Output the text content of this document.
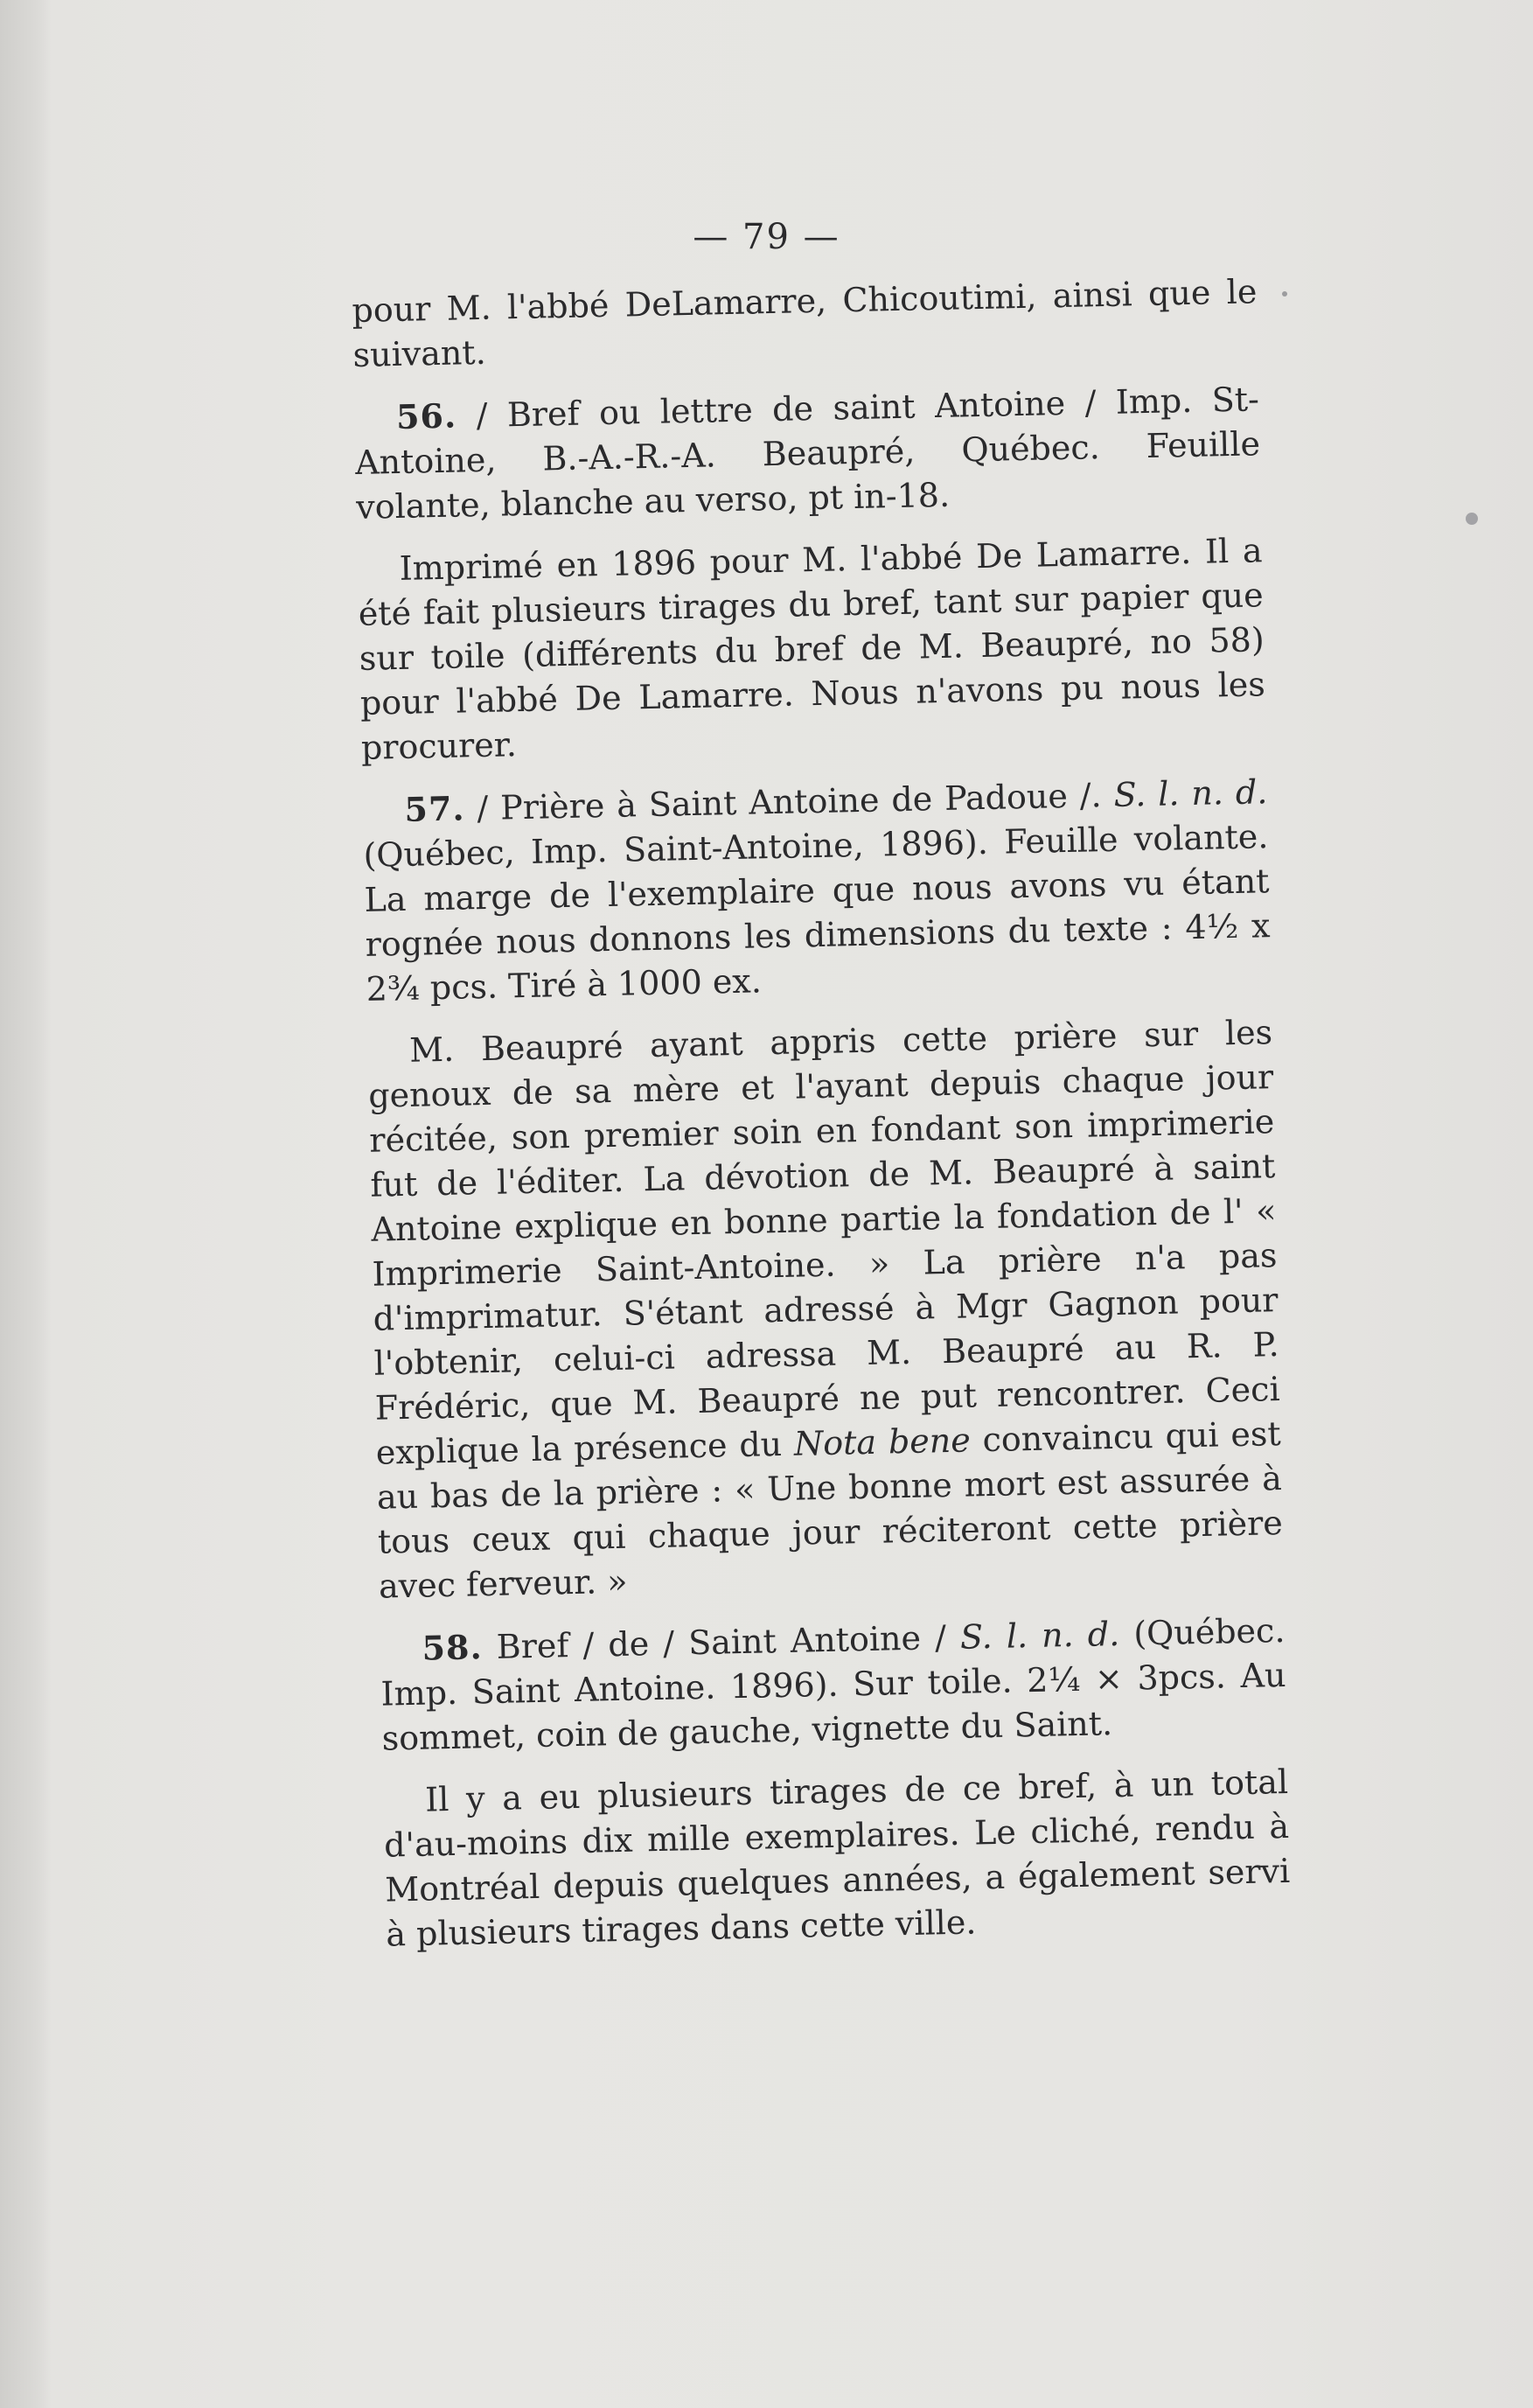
— 79 —

pour M. l'abbé DeLamarre, Chicoutimi, ainsi que le suivant.

56. / Bref ou lettre de saint Antoine / Imp. St-Antoine, B.-A.-R.-A. Beaupré, Québec. Feuille volante, blanche au verso, pt in-18.

Imprimé en 1896 pour M. l'abbé De Lamarre. Il a été fait plusieurs tirages du bref, tant sur papier que sur toile (différents du bref de M. Beaupré, no 58) pour l'abbé De Lamarre. Nous n'avons pu nous les procurer.

57. / Prière à Saint Antoine de Padoue /. S. l. n. d. (Québec, Imp. Saint-Antoine, 1896). Feuille volante. La marge de l'exemplaire que nous avons vu étant rognée nous donnons les dimensions du texte : 4½ x 2¾ pcs. Tiré à 1000 ex.

M. Beaupré ayant appris cette prière sur les genoux de sa mère et l'ayant depuis chaque jour récitée, son premier soin en fondant son imprimerie fut de l'éditer. La dévotion de M. Beaupré à saint Antoine explique en bonne partie la fondation de l' « Imprimerie Saint-Antoine. » La prière n'a pas d'imprimatur. S'étant adressé à Mgr Gagnon pour l'obtenir, celui-ci adressa M. Beaupré au R. P. Frédéric, que M. Beaupré ne put rencontrer. Ceci explique la présence du Nota bene convaincu qui est au bas de la prière : « Une bonne mort est assurée à tous ceux qui chaque jour réciteront cette prière avec ferveur. »

58. Bref / de / Saint Antoine / S. l. n. d. (Québec. Imp. Saint Antoine. 1896). Sur toile. 2¼ × 3pcs. Au sommet, coin de gauche, vignette du Saint.

Il y a eu plusieurs tirages de ce bref, à un total d'au-moins dix mille exemplaires. Le cliché, rendu à Montréal depuis quelques années, a également servi à plusieurs tirages dans cette ville.
